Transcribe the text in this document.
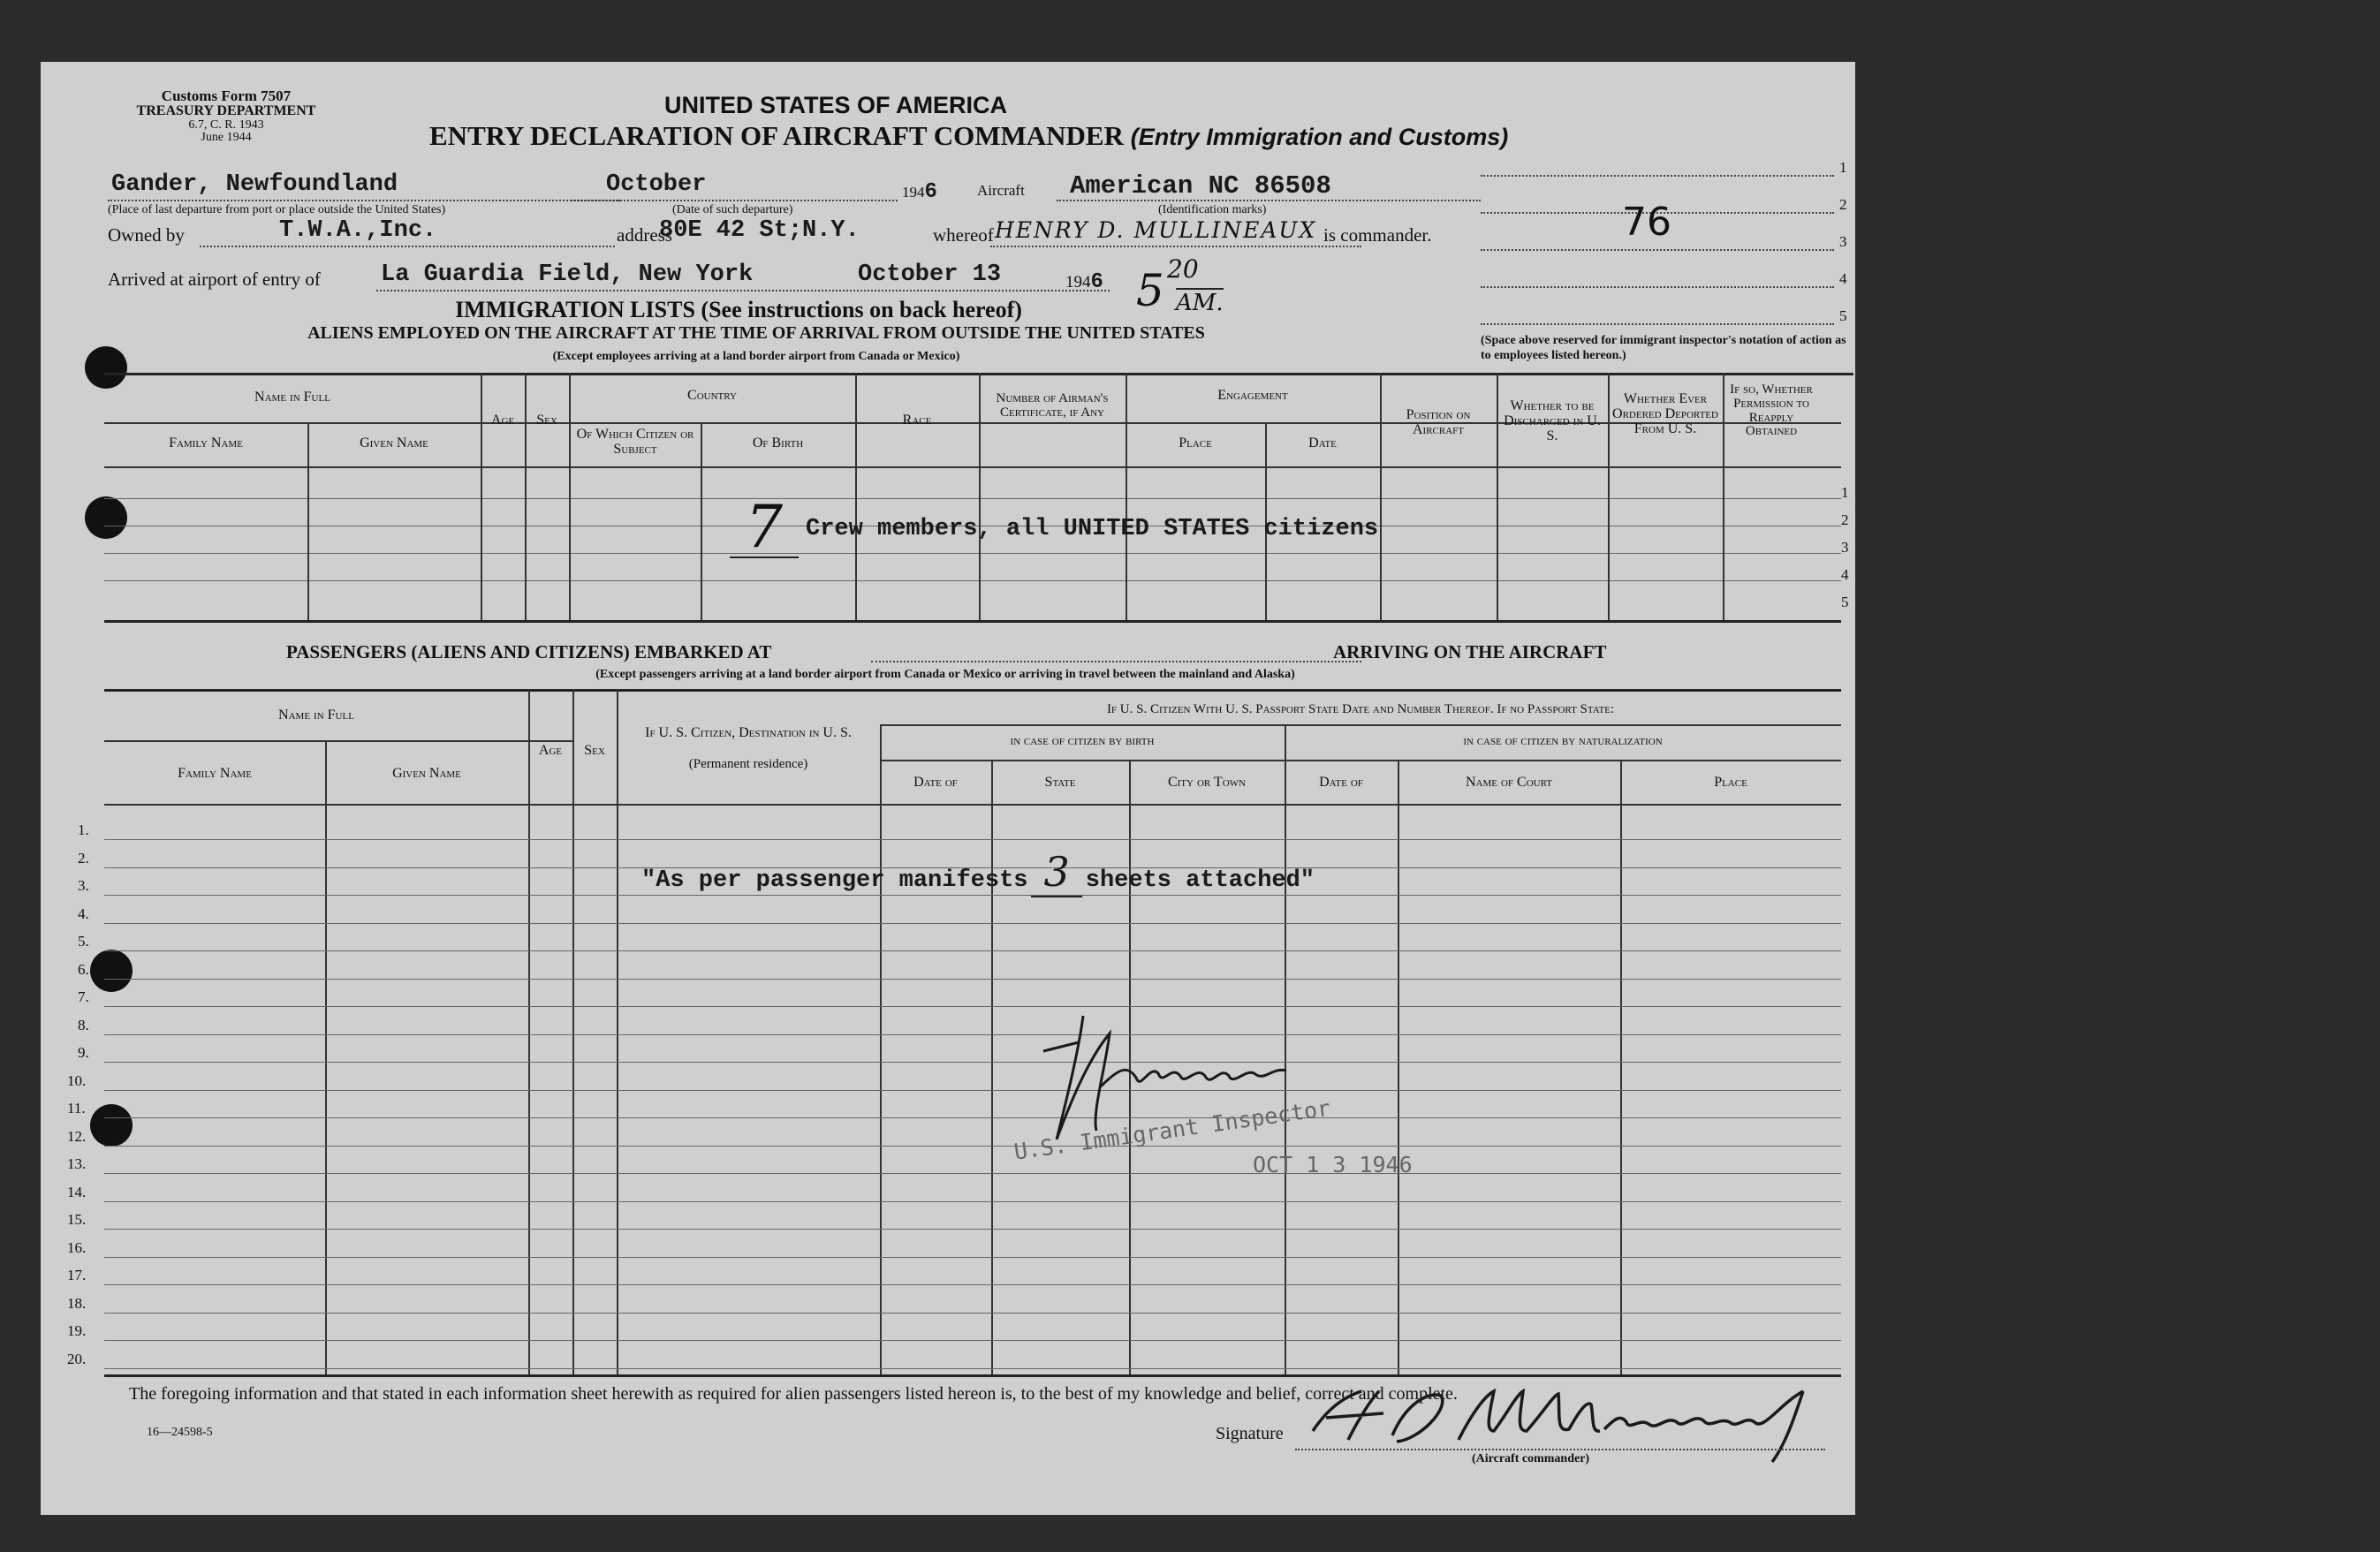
Customs Form 7507
TREASURY DEPARTMENT
6.7, C. R. 1943
June 1944
UNITED STATES OF AMERICA
ENTRY DECLARATION OF AIRCRAFT COMMANDER (Entry Immigration and Customs)
Gander, Newfoundland
(Place of last departure from port or place outside the United States)
October
(Date of such departure)
1946	Aircraft American NC 86508
(Identification marks)
Owned by	T.W.A.,Inc.	address
80E 42 St;N.Y.	whereof HENRY D. MULLINEAUX is commander.
Arrived at airport of entry of	La Guardia Field, New York	October 13	1946 5 20
AM.
1
2
3
4
5
76
(Space above reserved for immigrant inspector's notation of action as to employees listed hereon.)
IMMIGRATION LISTS (See instructions on back hereof)
ALIENS EMPLOYED ON THE AIRCRAFT AT THE TIME OF ARRIVAL FROM OUTSIDE THE UNITED STATES
(Except employees arriving at a land border airport from Canada or Mexico)
Name in Full
Family Name	Given Name
Age	Sex
Country
Of Which Citizen or Subject	Of Birth
Race
Number of Airman's Certificate, if Any
Engagement
Place	Date
Position on Aircraft
Whether to be Discharged in U. S.
Whether Ever Ordered Deported From U. S.
If so, Whether Permission to Reapply Obtained
1
2
3
4
5
7 Crew members, all UNITED STATES citizens
PASSENGERS (ALIENS AND CITIZENS) EMBARKED AT	ARRIVING ON THE AIRCRAFT
(Except passengers arriving at a land border airport from Canada or Mexico or arriving in travel between the mainland and Alaska)
Name in Full
Family Name	Given Name
Age	Sex
If U. S. Citizen, Destination in U. S.
(Permanent residence)
If U. S. Citizen With U. S. Passport State Date and Number Thereof. If no Passport State:
in case of citizen by birth	in case of citizen by naturalization
Date of	State	City or Town	Date of	Name of Court	Place
1.
2.
3.
4.
5.
6.
7.
8.
9.
10.
11.
12.
13.
14.
15.
16.
17.
18.
19.
20.
"As per passenger manifests 3 sheets attached"
U.S. Immigrant Inspector
OCT 1 3 1946
The foregoing information and that stated in each information sheet herewith as required for alien passengers listed hereon is, to the best of my knowledge and belief, correct and complete.
16—24598-5	Signature
(Aircraft commander)
